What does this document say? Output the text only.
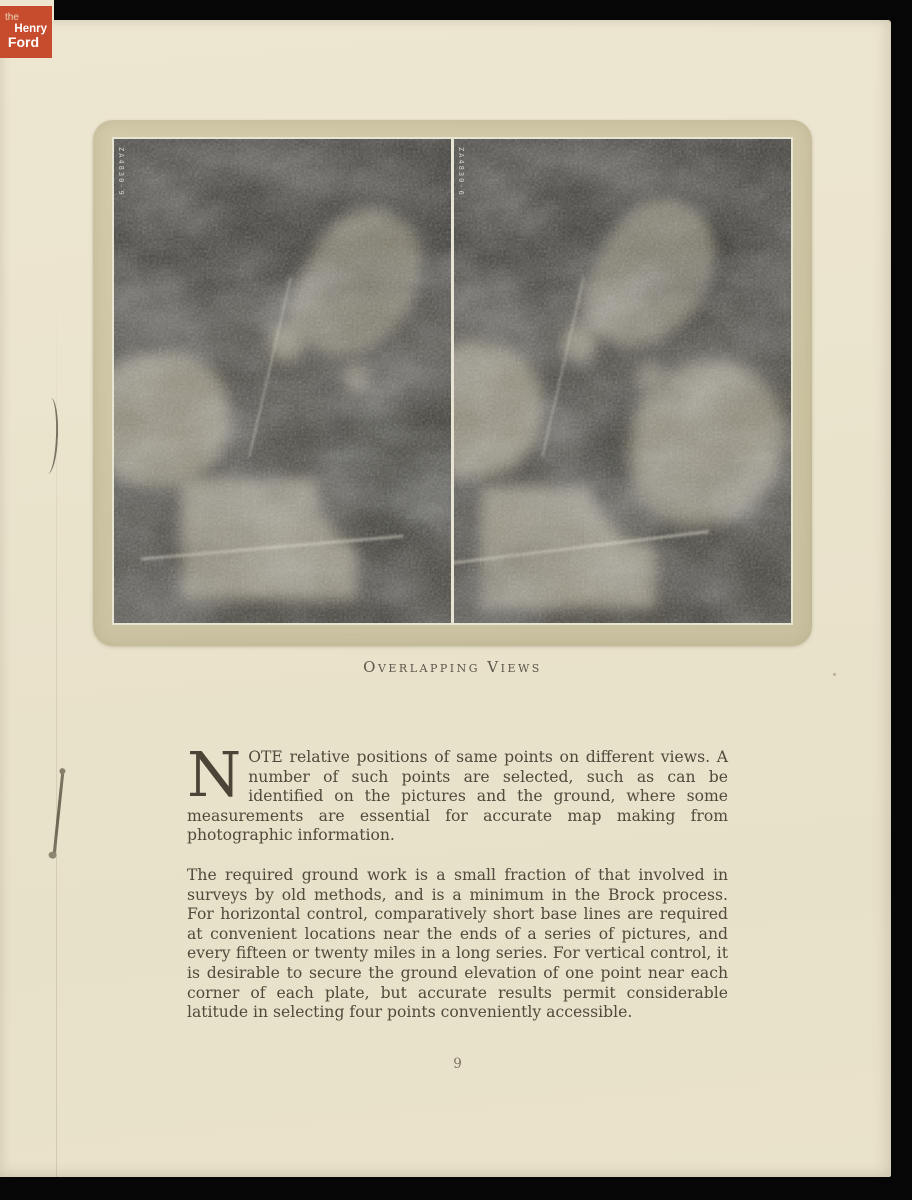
ZA4830-9	ZA4830-6
Overlapping Views

NOTE relative positions of same points on different views. A number of such points are selected, such as can be identified on the pictures and the ground, where some measurements are essential for accurate map making from photographic information.

The required ground work is a small fraction of that involved in surveys by old methods, and is a minimum in the Brock process. For horizontal control, comparatively short base lines are required at convenient locations near the ends of a series of pictures, and every fifteen or twenty miles in a long series. For vertical control, it is desirable to secure the ground elevation of one point near each corner of each plate, but accurate results permit considerable latitude in selecting four points conveniently accessible.

9
the
Henry
Ford
